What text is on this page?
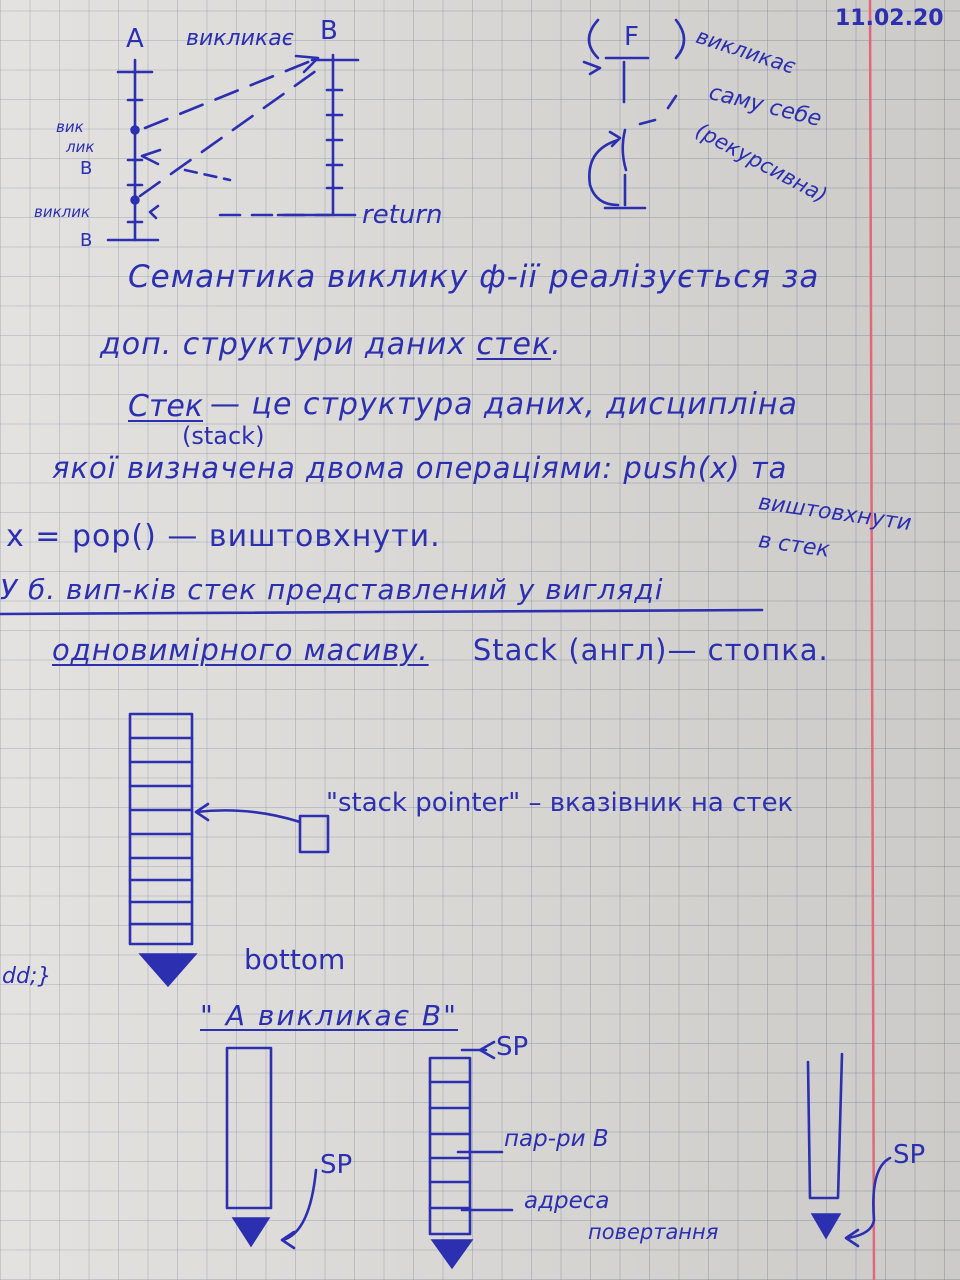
11.02.20
A викликає B
вик
лик
B
виклик
B
return
F	викликає
саму себе
(рекурсивна)
Семантика виклику ф-ії реалізується за
доп. структури даних стек.
Стек — це структура даних, дисципліна
(stack)
якої визначена двома операціями: push(x) та
виштовхнути
в стек
x = pop() — виштовхнути.
У б. вип-ків стек представлений у вигляді
одновимірного масиву. Stack (англ)— стопка.
"stack pointer" – вказівник на стек
bottom
dd;}
" A викликає B"
SP
SP
SP
пар-ри B
адреса
повертання
